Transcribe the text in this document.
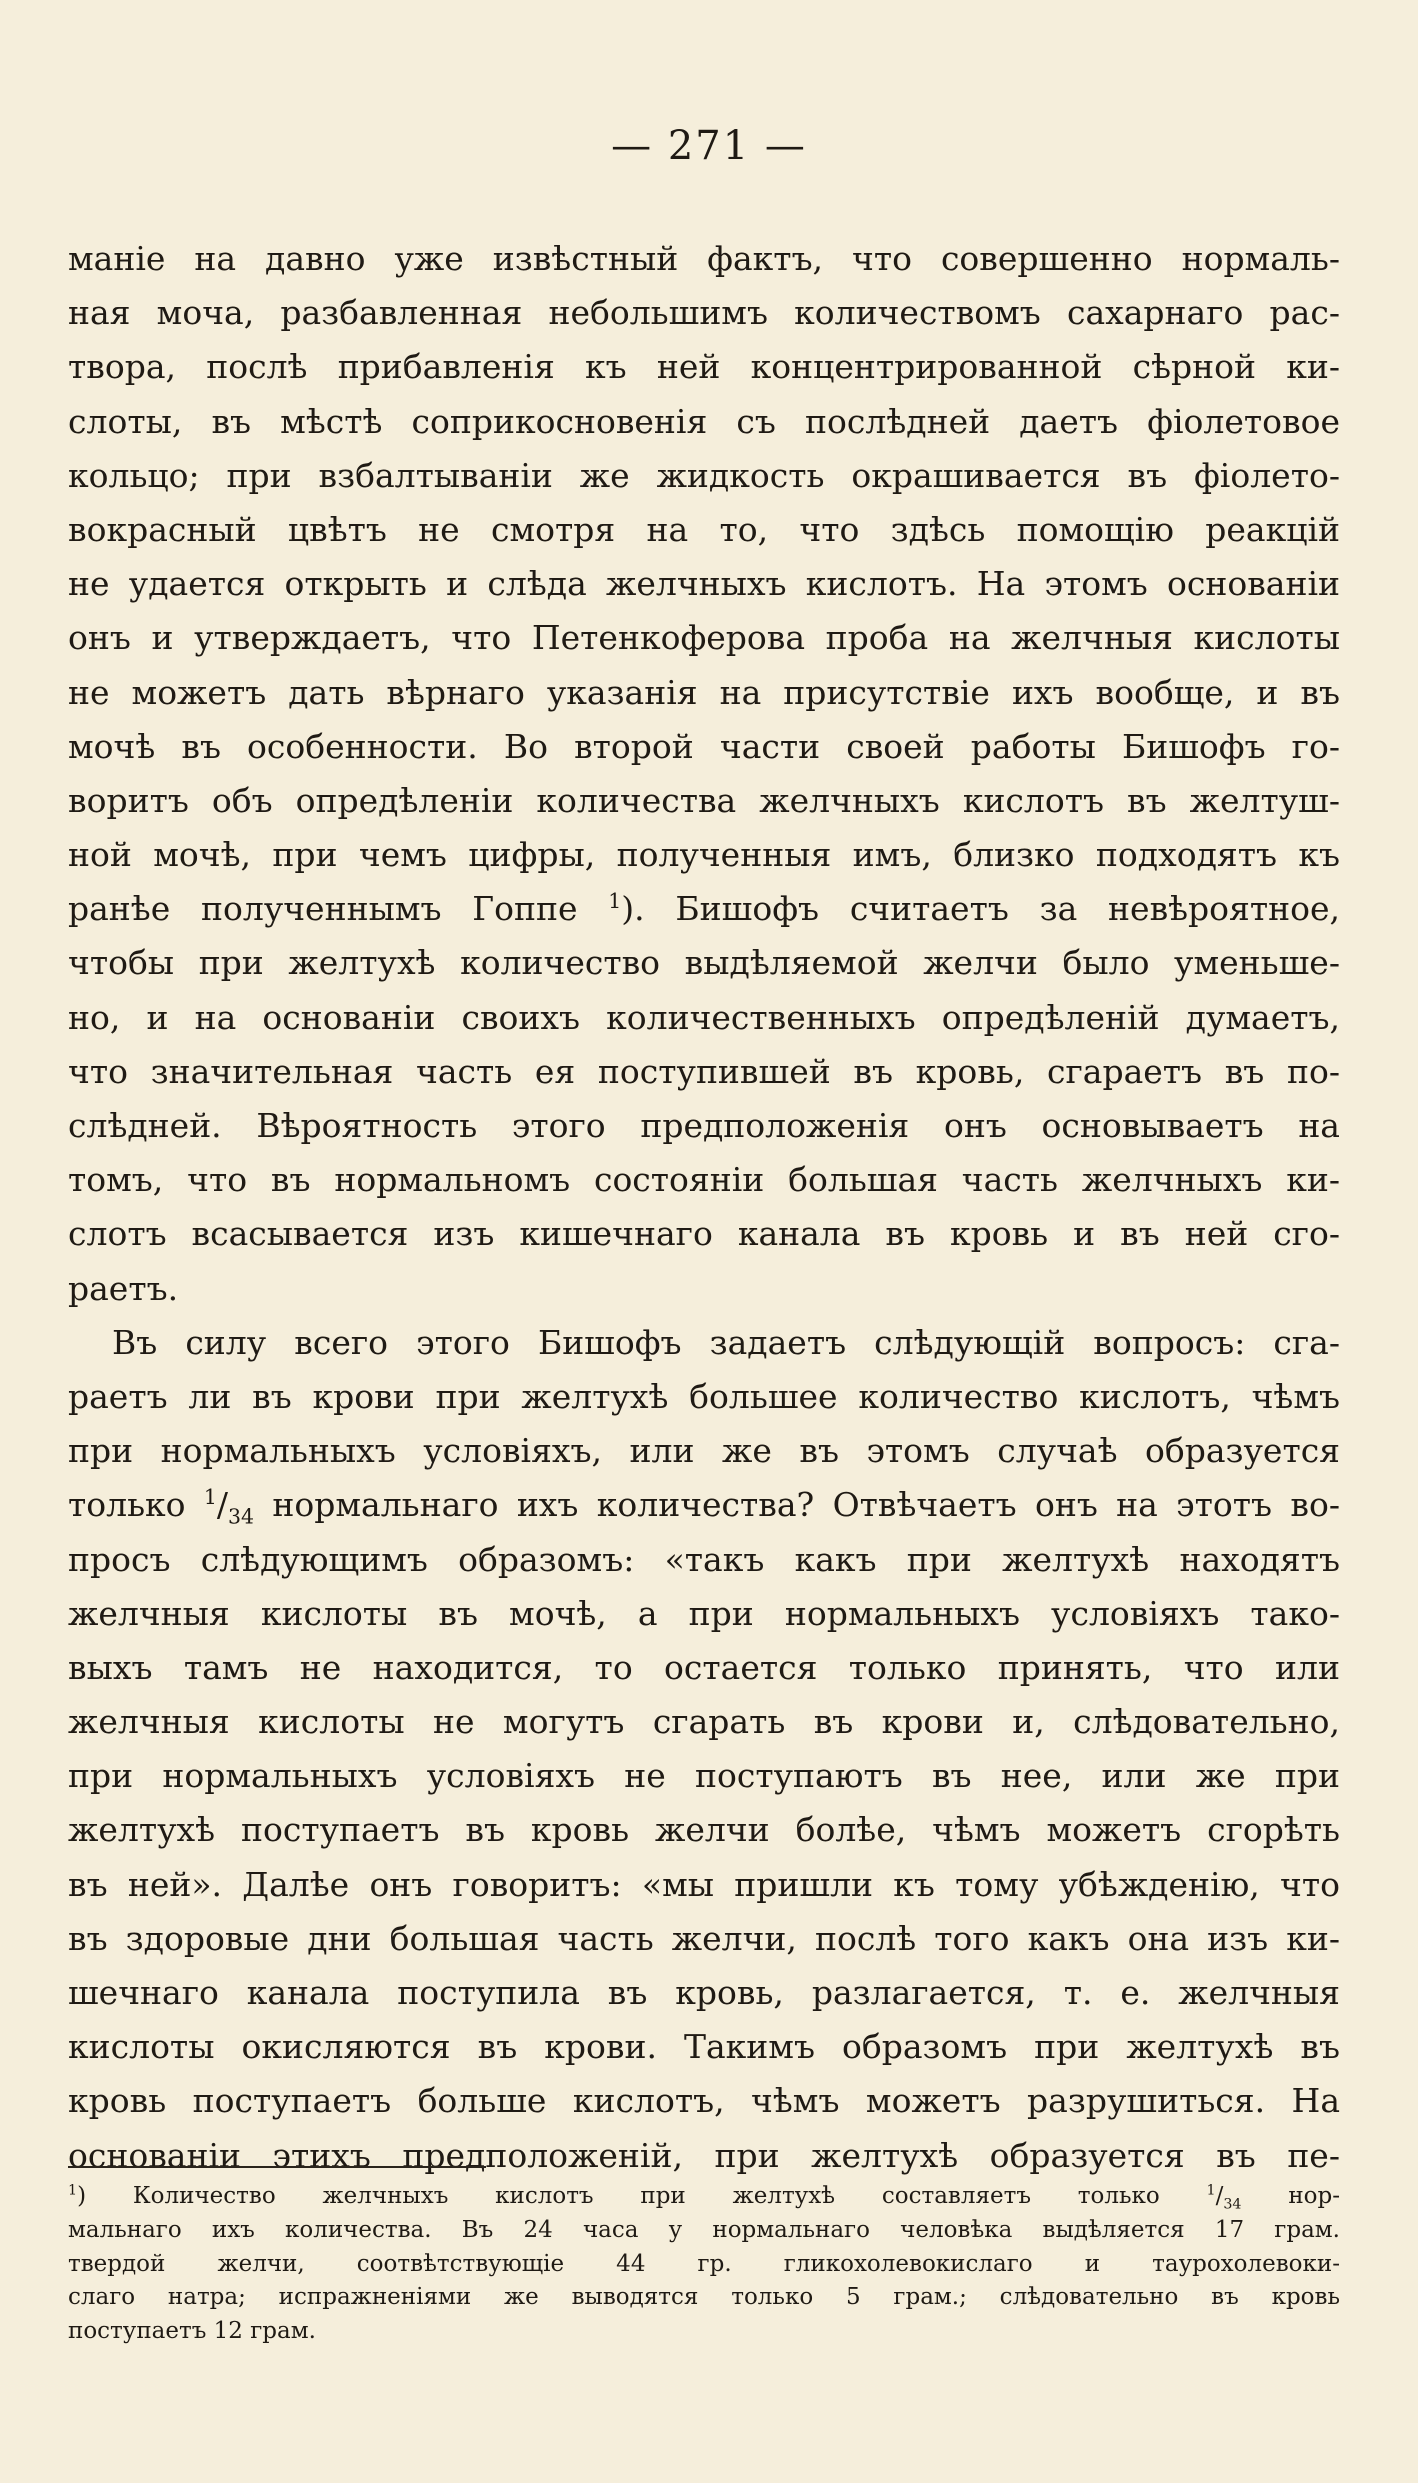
— 271 —
маніе на давно уже извѣстный фактъ, что совершенно нормаль-
ная моча, разбавленная небольшимъ количествомъ сахарнаго рас-
твора, послѣ прибавленія къ ней концентрированной сѣрной ки-
слоты, въ мѣстѣ соприкосновенія съ послѣдней даетъ фіолетовое
кольцо; при взбалтываніи же жидкость окрашивается въ фіолето-
вокрасный цвѣтъ не смотря на то, что здѣсь помощію реакцій
не удается открыть и слѣда желчныхъ кислотъ. На этомъ основаніи
онъ и утверждаетъ, что Петенкоферова проба на желчныя кислоты
не можетъ дать вѣрнаго указанія на присутствіе ихъ вообще, и въ
мочѣ въ особенности. Во второй части своей работы Бишофъ го-
воритъ объ опредѣленіи количества желчныхъ кислотъ въ желтуш-
ной мочѣ, при чемъ цифры, полученныя имъ, близко подходятъ къ
ранѣе полученнымъ Гоппе $^1$). Бишофъ считаетъ за невѣроятное,
чтобы при желтухѣ количество выдѣляемой желчи было уменьше-
но, и на основаніи своихъ количественныхъ опредѣленій думаетъ,
что значительная часть ея поступившей въ кровь, сгараетъ въ по-
слѣдней. Вѣроятность этого предположенія онъ основываетъ на
томъ, что въ нормальномъ состояніи большая часть желчныхъ ки-
слотъ всасывается изъ кишечнаго канала въ кровь и въ ней сго-
раетъ.
Въ силу всего этого Бишофъ задаетъ слѣдующій вопросъ: сга-
раетъ ли въ крови при желтухѣ большее количество кислотъ, чѣмъ
при нормальныхъ условіяхъ, или же въ этомъ случаѣ образуется
только $^1/_{34}$ нормальнаго ихъ количества? Отвѣчаетъ онъ на этотъ во-
просъ слѣдующимъ образомъ: «такъ какъ при желтухѣ находятъ
желчныя кислоты въ мочѣ, а при нормальныхъ условіяхъ тако-
выхъ тамъ не находится, то остается только принять, что или
желчныя кислоты не могутъ сгарать въ крови и, слѣдовательно,
при нормальныхъ условіяхъ не поступаютъ въ нее, или же при
желтухѣ поступаетъ въ кровь желчи болѣе, чѣмъ можетъ сгорѣть
въ ней». Далѣе онъ говоритъ: «мы пришли къ тому убѣжденію, что
въ здоровые дни большая часть желчи, послѣ того какъ она изъ ки-
шечнаго канала поступила въ кровь, разлагается, т. е. желчныя
кислоты окисляются въ крови. Такимъ образомъ при желтухѣ въ
кровь поступаетъ больше кислотъ, чѣмъ можетъ разрушиться. На
основаніи этихъ предположеній, при желтухѣ образуется въ пе-
$^1$) Количество желчныхъ кислотъ при желтухѣ составляетъ только $^1/_{34}$ нор-
мальнаго ихъ количества. Въ 24 часа у нормальнаго человѣка выдѣляется 17 грам.
твердой желчи, соотвѣтствующіе 44 гр. гликохолевокислаго и таурохолевоки-
слаго натра; испражненіями же выводятся только 5 грам.; слѣдовательно въ кровь
поступаетъ 12 грам.
